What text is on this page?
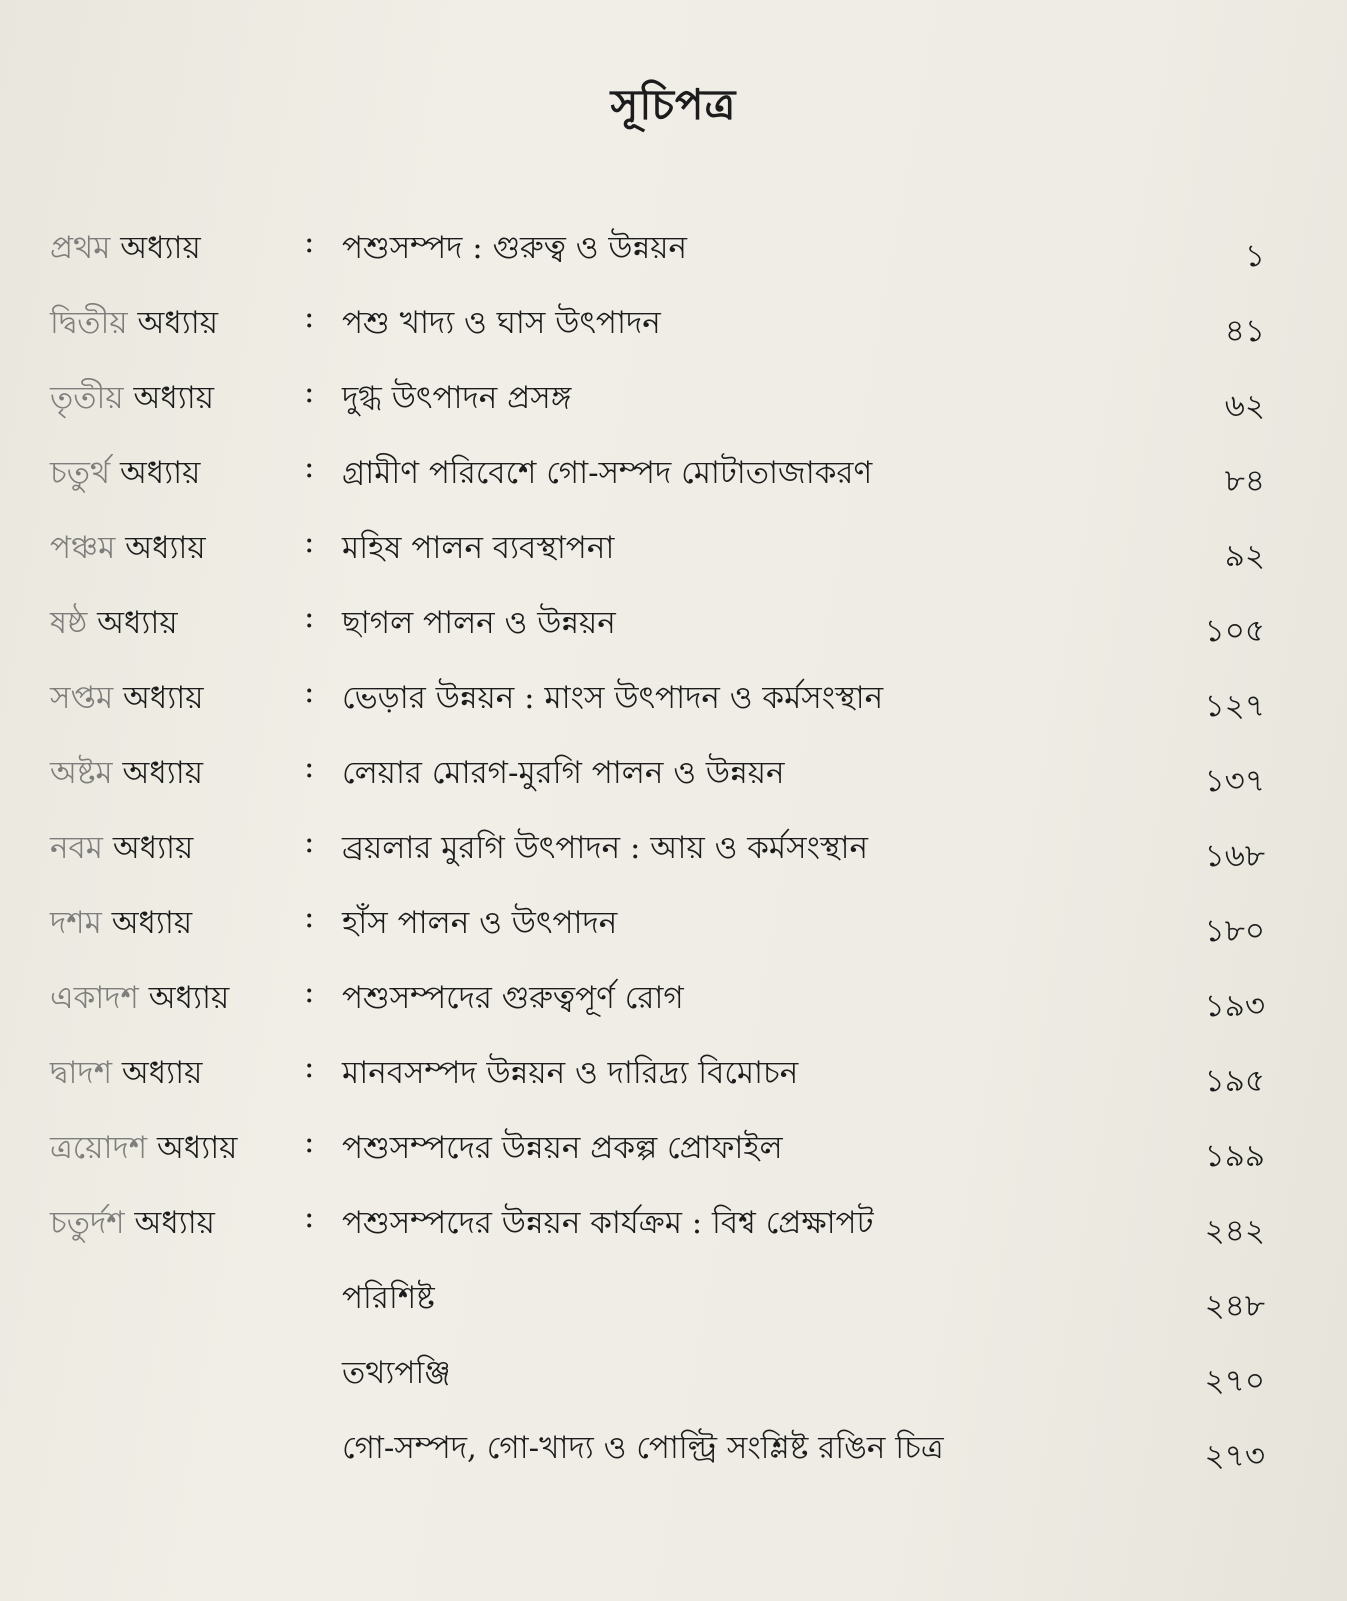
সূচিপত্র
প্রথম অধ্যায়	: পশুসম্পদ : গুরুত্ব ও উন্নয়ন	১
দ্বিতীয় অধ্যায়	: পশু খাদ্য ও ঘাস উৎপাদন	৪১
তৃতীয় অধ্যায়	: দুগ্ধ উৎপাদন প্রসঙ্গ	৬২
চতুর্থ অধ্যায়	: গ্রামীণ পরিবেশে গো-সম্পদ মোটাতাজাকরণ	৮৪
পঞ্চম অধ্যায়	: মহিষ পালন ব্যবস্থাপনা	৯২
ষষ্ঠ অধ্যায়	: ছাগল পালন ও উন্নয়ন	১০৫
সপ্তম অধ্যায়	: ভেড়ার উন্নয়ন : মাংস উৎপাদন ও কর্মসংস্থান	১২৭
অষ্টম অধ্যায়	: লেয়ার মোরগ-মুরগি পালন ও উন্নয়ন	১৩৭
নবম অধ্যায়	: ব্রয়লার মুরগি উৎপাদন : আয় ও কর্মসংস্থান	১৬৮
দশম অধ্যায়	: হাঁস পালন ও উৎপাদন	১৮০
একাদশ অধ্যায় : পশুসম্পদের গুরুত্বপূর্ণ রোগ	১৯৩
দ্বাদশ অধ্যায়	: মানবসম্পদ উন্নয়ন ও দারিদ্র্য বিমোচন	১৯৫
ত্রয়োদশ অধ্যায় : পশুসম্পদের উন্নয়ন প্রকল্প প্রোফাইল	১৯৯
চতুর্দশ অধ্যায়	: পশুসম্পদের উন্নয়ন কার্যক্রম : বিশ্ব প্রেক্ষাপট	২৪২
পরিশিষ্ট	২৪৮
তথ্যপঞ্জি	২৭০
গো-সম্পদ, গো-খাদ্য ও পোল্ট্রি সংশ্লিষ্ট রঙিন চিত্র	২৭৩
